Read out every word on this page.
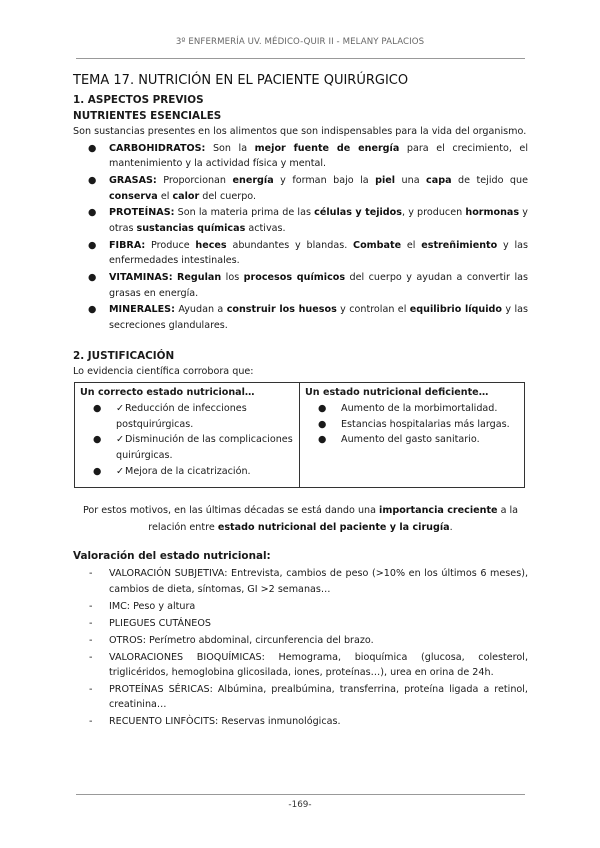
3º ENFERMERÍA UV. MÉDICO-QUIR II - MELANY PALACIOS
TEMA 17. NUTRICIÓN EN EL PACIENTE QUIRÚRGICO
1. ASPECTOS PREVIOS
NUTRIENTES ESENCIALES

Son sustancias presentes en los alimentos que son indispensables para la vida del organismo.

● CARBOHIDRATOS: Son la mejor fuente de energía para el crecimiento, el mantenimiento y la actividad física y mental.
● GRASAS: Proporcionan energía y forman bajo la piel una capa de tejido que conserva el calor del cuerpo.
● PROTEÍNAS: Son la materia prima de las células y tejidos, y producen hormonas y otras sustancias químicas activas.
● FIBRA: Produce heces abundantes y blandas. Combate el estreñimiento y las enfermedades intestinales.
● VITAMINAS: Regulan los procesos químicos del cuerpo y ayudan a convertir las grasas en energía.
● MINERALES: Ayudan a construir los huesos y controlan el equilibrio líquido y las secreciones glandulares.
2. JUSTIFICACIÓN

Lo evidencia científica corrobora que:

Un correcto estado nutricional…
● ✓Reducción de infecciones postquirúrgicas.
● ✓Disminución de las complicaciones quirúrgicas.
● ✓Mejora de la cicatrización.

Un estado nutricional deficiente…
● Aumento de la morbimortalidad.
● Estancias hospitalarias más largas.
● Aumento del gasto sanitario.

Por estos motivos, en las últimas décadas se está dando una importancia creciente a la relación entre estado nutricional del paciente y la cirugía.

Valoración del estado nutricional:
- VALORACIÓN SUBJETIVA: Entrevista, cambios de peso (>10% en los últimos 6 meses), cambios de dieta, síntomas, GI >2 semanas…
- IMC: Peso y altura
- PLIEGUES CUTÁNEOS
- OTROS: Perímetro abdominal, circunferencia del brazo.
- VALORACIONES BIOQUÍMICAS: Hemograma, bioquímica (glucosa, colesterol, triglicéridos, hemoglobina glicosilada, iones, proteínas…), urea en orina de 24h.
- PROTEÍNAS SÉRICAS: Albúmina, prealbúmina, transferrina, proteína ligada a retinol, creatinina…
- RECUENTO LINFÒCITS: Reservas inmunológicas.
-169-
